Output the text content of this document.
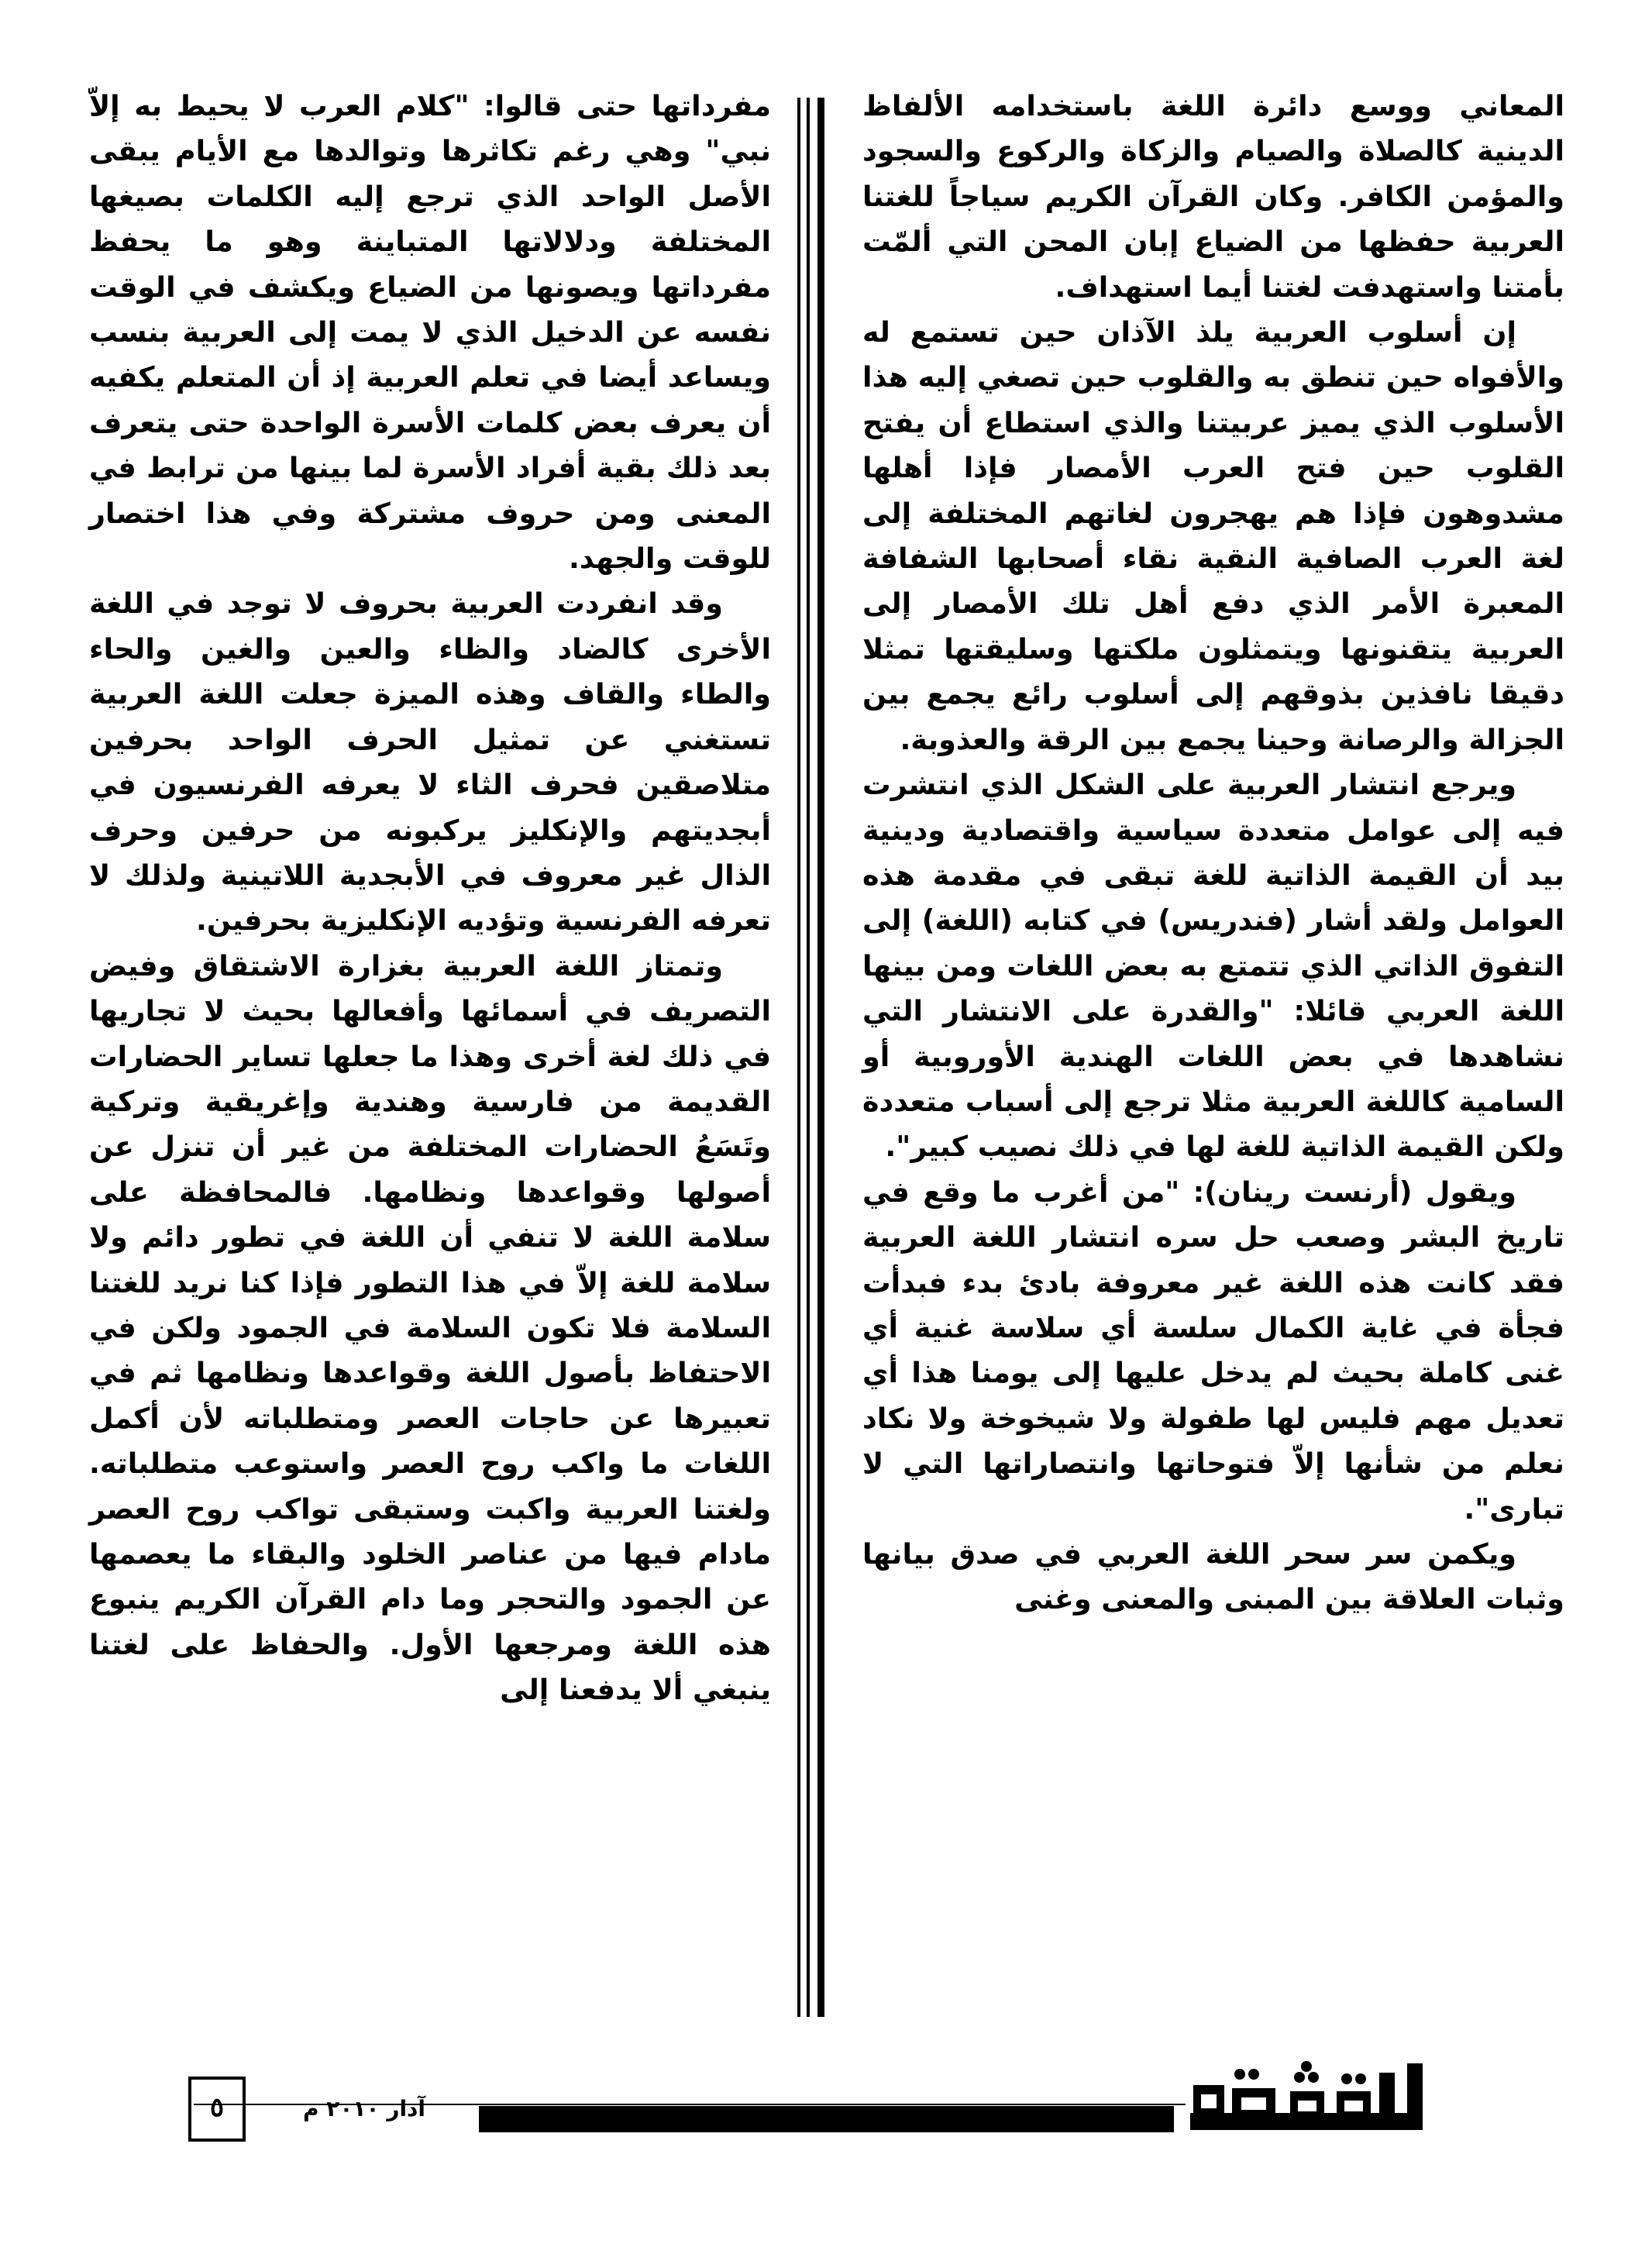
المعاني ووسع دائرة اللغة باستخدامه الألفاظ الدينية كالصلاة والصيام والزكاة والركوع والسجود والمؤمن الكافر. وكان القرآن الكريم سياجاً للغتنا العربية حفظها من الضياع إبان المحن التي ألمّت بأمتنا واستهدفت لغتنا أيما استهداف.

إن أسلوب العربية يلذ الآذان حين تستمع له والأفواه حين تنطق به والقلوب حين تصغي إليه هذا الأسلوب الذي يميز عربيتنا والذي استطاع أن يفتح القلوب حين فتح العرب الأمصار فإذا أهلها مشدوهون فإذا هم يهجرون لغاتهم المختلفة إلى لغة العرب الصافية النقية نقاء أصحابها الشفافة المعبرة الأمر الذي دفع أهل تلك الأمصار إلى العربية يتقنونها ويتمثلون ملكتها وسليقتها تمثلا دقيقا نافذين بذوقهم إلى أسلوب رائع يجمع بين الجزالة والرصانة وحينا يجمع بين الرقة والعذوبة.

ويرجع انتشار العربية على الشكل الذي انتشرت فيه إلى عوامل متعددة سياسية واقتصادية ودينية بيد أن القيمة الذاتية للغة تبقى في مقدمة هذه العوامل ولقد أشار (فندريس) في كتابه (اللغة) إلى التفوق الذاتي الذي تتمتع به بعض اللغات ومن بينها اللغة العربي قائلا: "والقدرة على الانتشار التي نشاهدها في بعض اللغات الهندية الأوروبية أو السامية كاللغة العربية مثلا ترجع إلى أسباب متعددة ولكن القيمة الذاتية للغة لها في ذلك نصيب كبير".

ويقول (أرنست رينان): "من أغرب ما وقع في تاريخ البشر وصعب حل سره انتشار اللغة العربية فقد كانت هذه اللغة غير معروفة بادئ بدء فبدأت فجأة في غاية الكمال سلسة أي سلاسة غنية أي غنى كاملة بحيث لم يدخل عليها إلى يومنا هذا أي تعديل مهم فليس لها طفولة ولا شيخوخة ولا نكاد نعلم من شأنها إلاّ فتوحاتها وانتصاراتها التي لا تبارى".

ويكمن سر سحر اللغة العربي في صدق بيانها وثبات العلاقة بين المبنى والمعنى وغنى

مفرداتها حتى قالوا: "كلام العرب لا يحيط به إلاّ نبي" وهي رغم تكاثرها وتوالدها مع الأيام يبقى الأصل الواحد الذي ترجع إليه الكلمات بصيغها المختلفة ودلالاتها المتباينة وهو ما يحفظ مفرداتها ويصونها من الضياع ويكشف في الوقت نفسه عن الدخيل الذي لا يمت إلى العربية بنسب ويساعد أيضا في تعلم العربية إذ أن المتعلم يكفيه أن يعرف بعض كلمات الأسرة الواحدة حتى يتعرف بعد ذلك بقية أفراد الأسرة لما بينها من ترابط في المعنى ومن حروف مشتركة وفي هذا اختصار للوقت والجهد.

وقد انفردت العربية بحروف لا توجد في اللغة الأخرى كالضاد والظاء والعين والغين والحاء والطاء والقاف وهذه الميزة جعلت اللغة العربية تستغني عن تمثيل الحرف الواحد بحرفين متلاصقين فحرف الثاء لا يعرفه الفرنسيون في أبجديتهم والإنكليز يركبونه من حرفين وحرف الذال غير معروف في الأبجدية اللاتينية ولذلك لا تعرفه الفرنسية وتؤديه الإنكليزية بحرفين.

وتمتاز اللغة العربية بغزارة الاشتقاق وفيض التصريف في أسمائها وأفعالها بحيث لا تجاريها في ذلك لغة أخرى وهذا ما جعلها تساير الحضارات القديمة من فارسية وهندية وإغريقية وتركية وتَسَعُ الحضارات المختلفة من غير أن تنزل عن أصولها وقواعدها ونظامها. فالمحافظة على سلامة اللغة لا تنفي أن اللغة في تطور دائم ولا سلامة للغة إلاّ في هذا التطور فإذا كنا نريد للغتنا السلامة فلا تكون السلامة في الجمود ولكن في الاحتفاظ بأصول اللغة وقواعدها ونظامها ثم في تعبيرها عن حاجات العصر ومتطلباته لأن أكمل اللغات ما واكب روح العصر واستوعب متطلباته. ولغتنا العربية واكبت وستبقى تواكب روح العصر مادام فيها من عناصر الخلود والبقاء ما يعصمها عن الجمود والتحجر وما دام القرآن الكريم ينبوع هذه اللغة ومرجعها الأول. والحفاظ على لغتنا ينبغي ألا يدفعنا إلى

آذار ٢٠١٠ م
٥
الثقافة
